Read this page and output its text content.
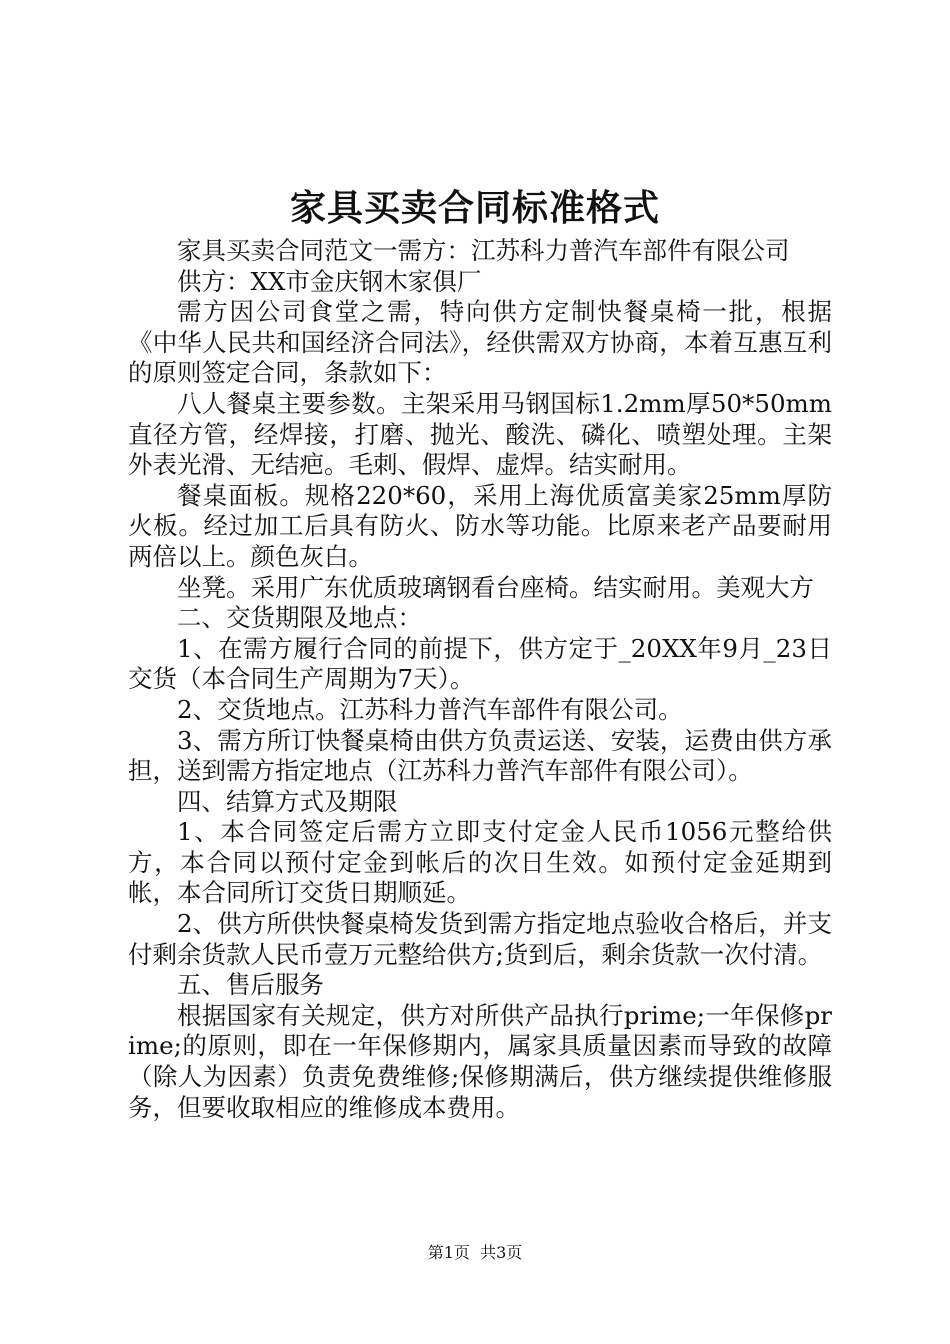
家具买卖合同标准格式

家具买卖合同范文一需方：江苏科力普汽车部件有限公司

供方：XX市金庆钢木家俱厂

需方因公司食堂之需，特向供方定制快餐桌椅一批，根据《中华人民共和国经济合同法》，经供需双方协商，本着互惠互利的原则签定合同，条款如下：

八人餐桌主要参数。主架采用马钢国标1.2mm厚50*50mm直径方管，经焊接，打磨、抛光、酸洗、磷化、喷塑处理。主架外表光滑、无结疤。毛刺、假焊、虚焊。结实耐用。

餐桌面板。规格220*60，采用上海优质富美家25mm厚防火板。经过加工后具有防火、防水等功能。比原来老产品要耐用两倍以上。颜色灰白。

坐凳。采用广东优质玻璃钢看台座椅。结实耐用。美观大方

二、交货期限及地点：

1、在需方履行合同的前提下，供方定于_20XX年9月_23日交货（本合同生产周期为7天）。

2、交货地点。江苏科力普汽车部件有限公司。

3、需方所订快餐桌椅由供方负责运送、安装，运费由供方承担，送到需方指定地点（江苏科力普汽车部件有限公司）。

四、结算方式及期限

1、本合同签定后需方立即支付定金人民币1056元整给供方，本合同以预付定金到帐后的次日生效。如预付定金延期到帐，本合同所订交货日期顺延。

2、供方所供快餐桌椅发货到需方指定地点验收合格后，并支付剩余货款人民币壹万元整给供方;货到后，剩余货款一次付清。

五、售后服务

根据国家有关规定，供方对所供产品执行prime;一年保修prime;的原则，即在一年保修期内，属家具质量因素而导致的故障（除人为因素）负责免费维修;保修期满后，供方继续提供维修服务，但要收取相应的维修成本费用。

第1页 共3页
